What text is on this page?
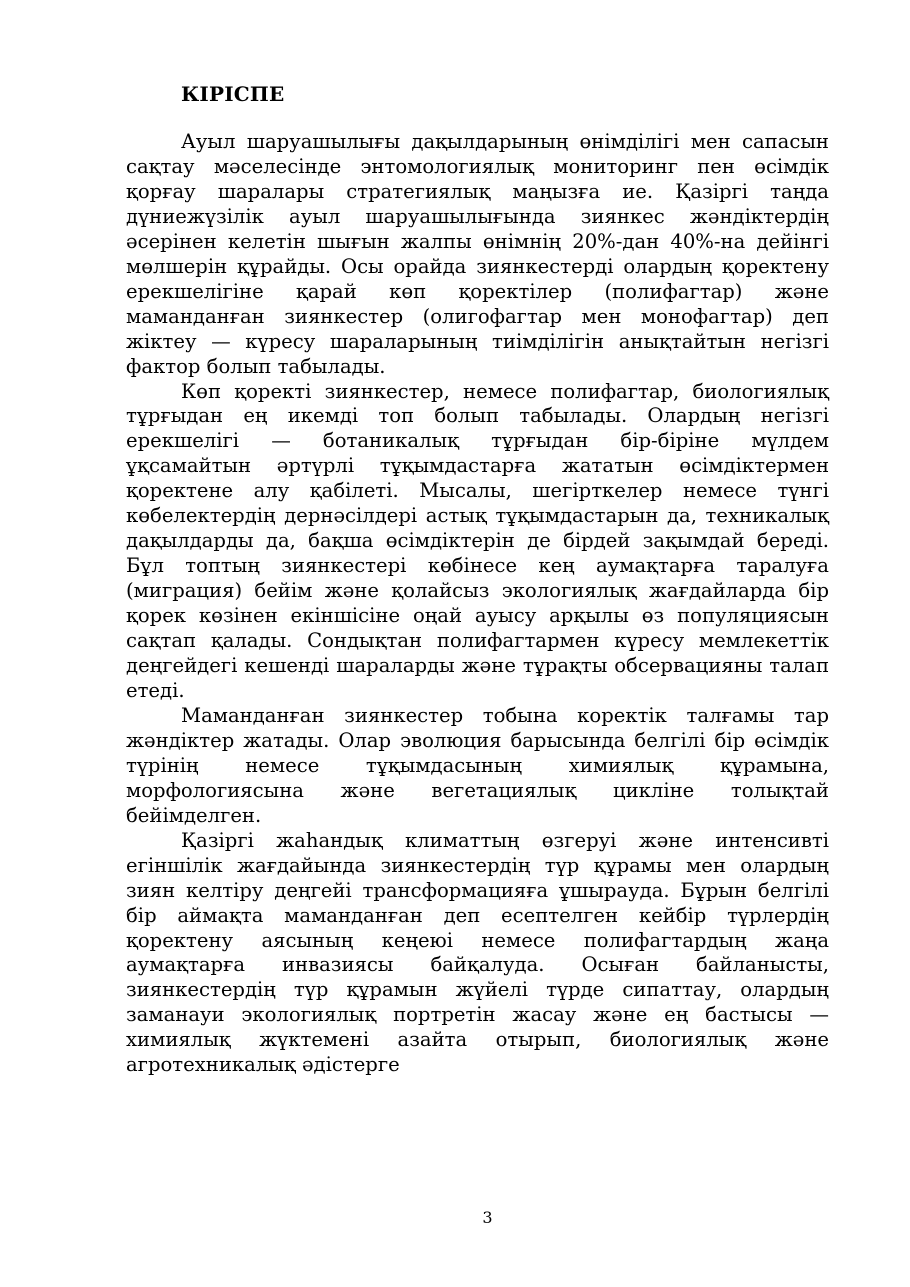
КІРІСПЕ

Ауыл шаруашылығы дақылдарының өнімділігі мен сапасын сақтау мәселесінде энтомологиялық мониторинг пен өсімдік қорғау шаралары стратегиялық маңызға ие. Қазіргі таңда дүниежүзілік ауыл шаруашылығында зиянкес жәндіктердің әсерінен келетін шығын жалпы өнімнің 20%-дан 40%-на дейінгі мөлшерін құрайды. Осы орайда зиянкестерді олардың қоректену ерекшелігіне қарай көп қоректілер (полифагтар) және маманданған зиянкестер (олигофагтар мен монофагтар) деп жіктеу — күресу шараларының тиімділігін анықтайтын негізгі фактор болып табылады.

Көп қоректі зиянкестер, немесе полифагтар, биологиялық тұрғыдан ең икемді топ болып табылады. Олардың негізгі ерекшелігі — ботаникалық тұрғыдан бір-біріне мүлдем ұқсамайтын әртүрлі тұқымдастарға жататын өсімдіктермен қоректене алу қабілеті. Мысалы, шегірткелер немесе түнгі көбелектердің дернәсілдері астық тұқымдастарын да, техникалық дақылдарды да, бақша өсімдіктерін де бірдей зақымдай береді. Бұл топтың зиянкестері көбінесе кең аумақтарға таралуға (миграция) бейім және қолайсыз экологиялық жағдайларда бір қорек көзінен екіншісіне оңай ауысу арқылы өз популяциясын сақтап қалады. Сондықтан полифагтармен күресу мемлекеттік деңгейдегі кешенді шараларды және тұрақты обсервацияны талап етеді.

Маманданған зиянкестер тобына коректік талғамы тар жәндіктер жатады. Олар эволюция барысында белгілі бір өсімдік түрінің немесе тұқымдасының химиялық құрамына, морфологиясына және вегетациялық цикліне толықтай бейімделген.

Қазіргі жаһандық климаттың өзгеруі және интенсивті егіншілік жағдайында зиянкестердің түр құрамы мен олардың зиян келтіру деңгейі трансформацияға ұшырауда. Бұрын белгілі бір аймақта маманданған деп есептелген кейбір түрлердің қоректену аясының кеңеюі немесе полифагтардың жаңа аумақтарға инвазиясы байқалуда. Осыған байланысты, зиянкестердің түр құрамын жүйелі түрде сипаттау, олардың заманауи экологиялық портретін жасау және ең бастысы — химиялық жүктемені азайта отырып, биологиялық және агротехникалық әдістерге

3
